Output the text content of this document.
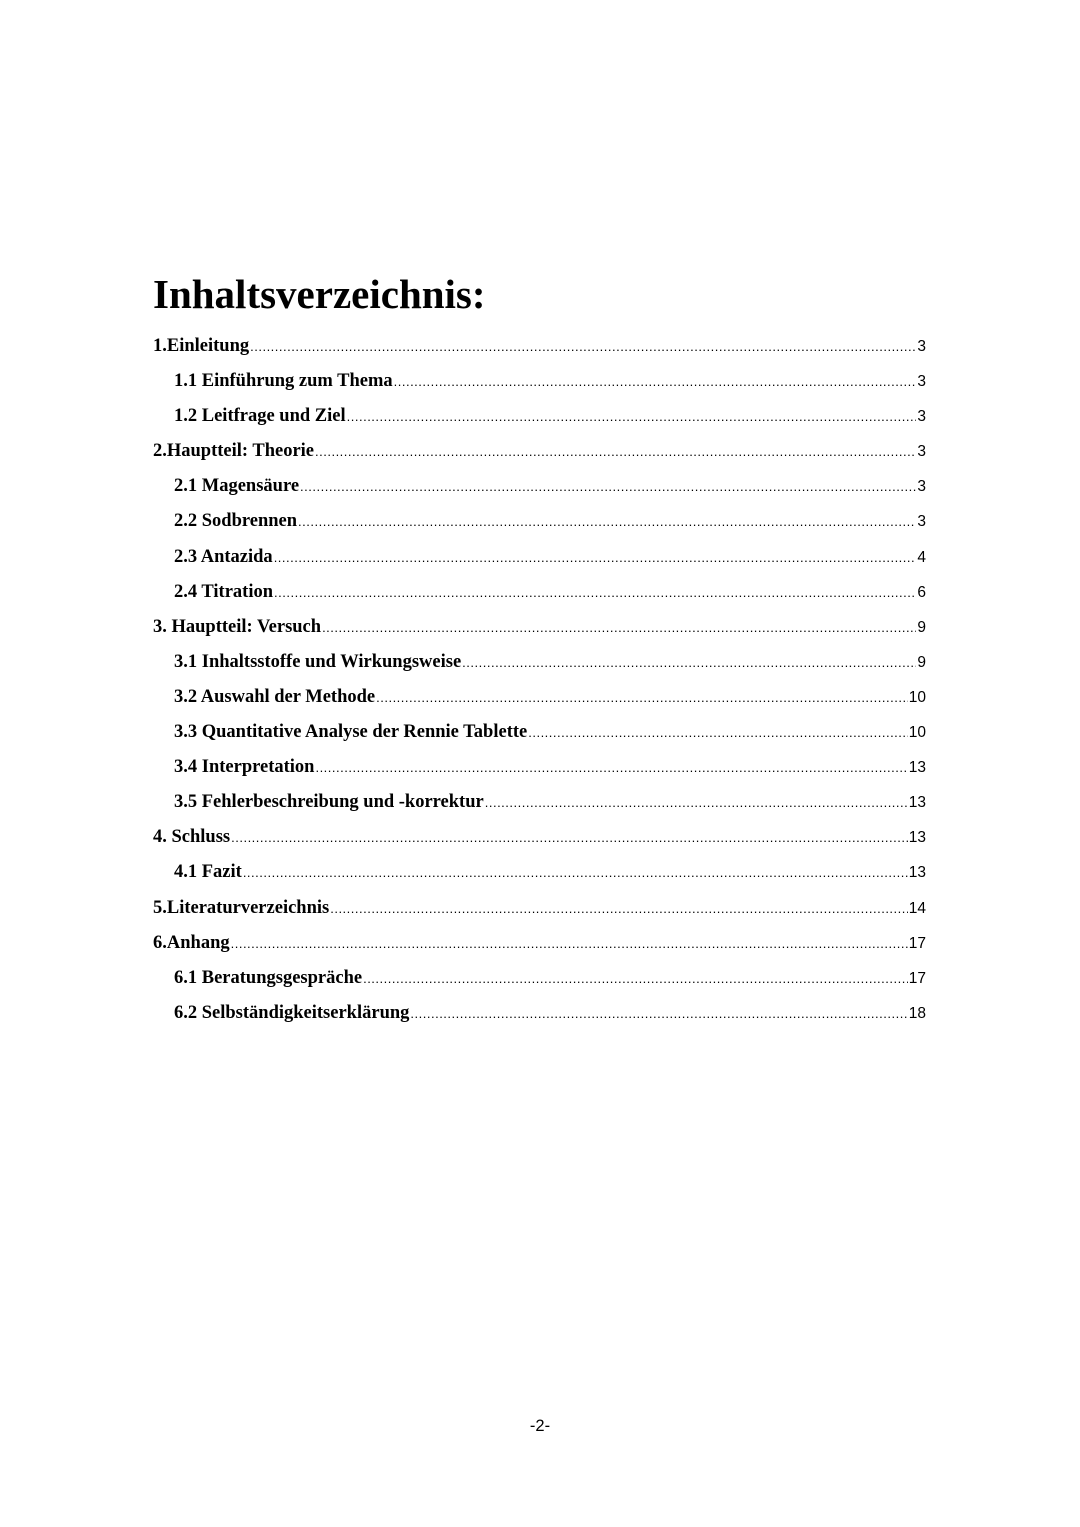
Inhaltsverzeichnis:
1.Einleitung .....	3
1.1 Einführung zum Thema .....	3
1.2 Leitfrage und Ziel .....	3
2.Hauptteil: Theorie .....	3
2.1 Magensäure .....	3
2.2 Sodbrennen .....	3
2.3 Antazida .....	4
2.4 Titration .....	6
3. Hauptteil: Versuch .....	9
3.1 Inhaltsstoffe und Wirkungsweise .....	9
3.2 Auswahl der Methode .....	10
3.3 Quantitative Analyse der Rennie Tablette .....	10
3.4 Interpretation .....	13
3.5 Fehlerbeschreibung und -korrektur .....	13
4. Schluss .....	13
4.1 Fazit .....	13
5.Literaturverzeichnis .....	14
6.Anhang .....	17
6.1 Beratungsgespräche .....	17
6.2 Selbständigkeitserklärung .....	18
-2-
